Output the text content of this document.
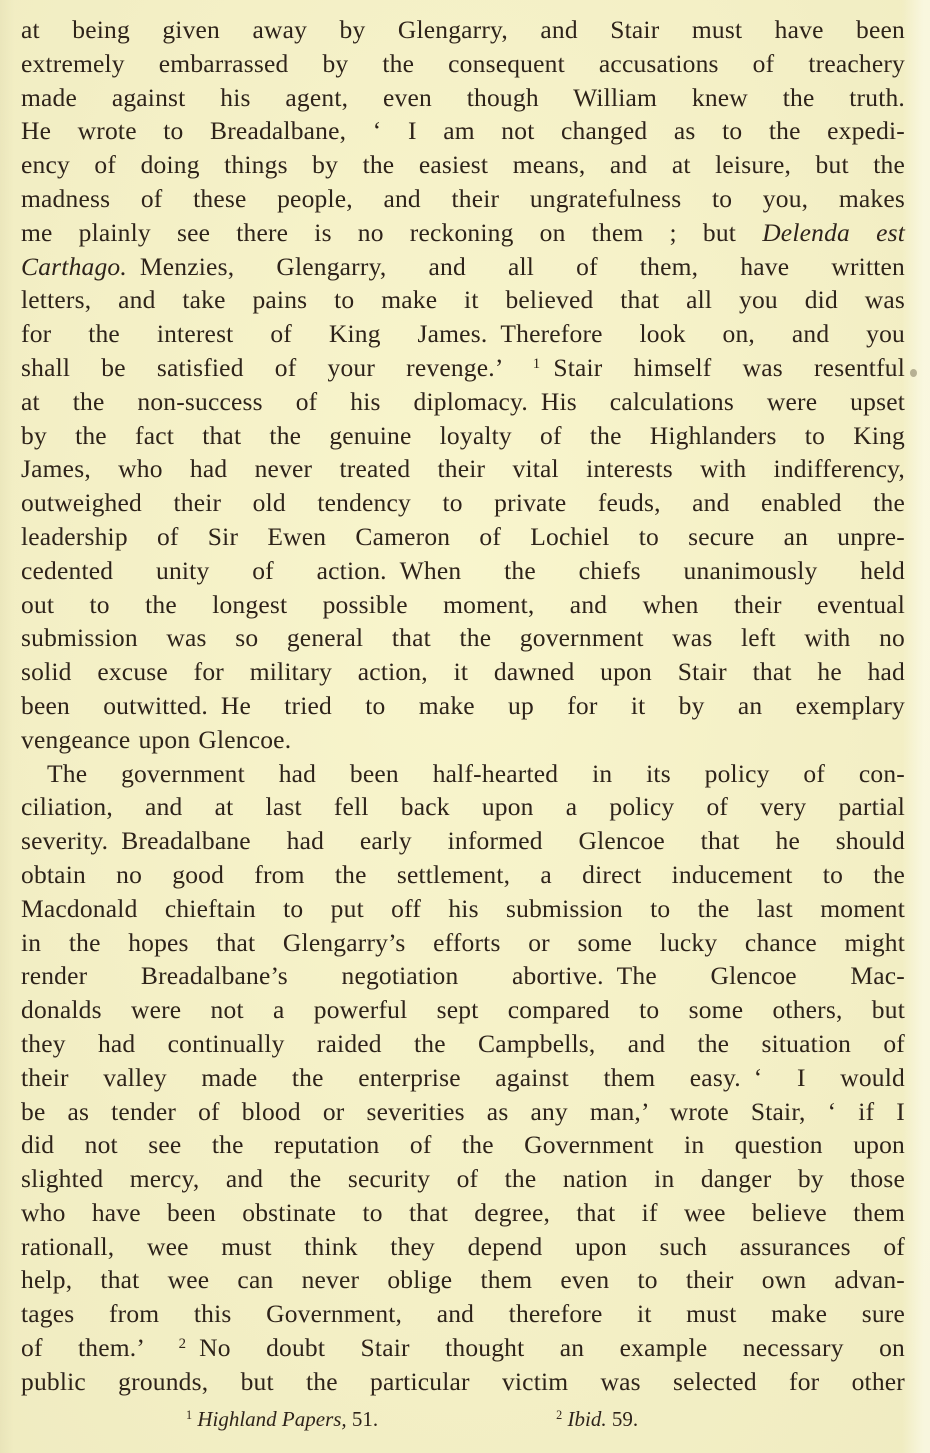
at being given away by Glengarry, and Stair must have been
extremely embarrassed by the consequent accusations of treachery
made against his agent, even though William knew the truth.
He wrote to Breadalbane, ‘ I am not changed as to the expedi-
ency of doing things by the easiest means, and at leisure, but the
madness of these people, and their ungratefulness to you, makes
me plainly see there is no reckoning on them ; but Delenda est
Carthago. Menzies, Glengarry, and all of them, have written
letters, and take pains to make it believed that all you did was
for the interest of King James. Therefore look on, and you
shall be satisfied of your revenge.’ $^1$ Stair himself was resentful
at the non-success of his diplomacy. His calculations were upset
by the fact that the genuine loyalty of the Highlanders to King
James, who had never treated their vital interests with indifferency,
outweighed their old tendency to private feuds, and enabled the
leadership of Sir Ewen Cameron of Lochiel to secure an unpre-
cedented unity of action. When the chiefs unanimously held
out to the longest possible moment, and when their eventual
submission was so general that the government was left with no
solid excuse for military action, it dawned upon Stair that he had
been outwitted. He tried to make up for it by an exemplary
vengeance upon Glencoe.
The government had been half-hearted in its policy of con-
ciliation, and at last fell back upon a policy of very partial
severity. Breadalbane had early informed Glencoe that he should
obtain no good from the settlement, a direct inducement to the
Macdonald chieftain to put off his submission to the last moment
in the hopes that Glengarry’s efforts or some lucky chance might
render Breadalbane’s negotiation abortive. The Glencoe Mac-
donalds were not a powerful sept compared to some others, but
they had continually raided the Campbells, and the situation of
their valley made the enterprise against them easy. ‘ I would
be as tender of blood or severities as any man,’ wrote Stair, ‘ if I
did not see the reputation of the Government in question upon
slighted mercy, and the security of the nation in danger by those
who have been obstinate to that degree, that if wee believe them
rationall, wee must think they depend upon such assurances of
help, that wee can never oblige them even to their own advan-
tages from this Government, and therefore it must make sure
of them.’ $^2$ No doubt Stair thought an example necessary on
public grounds, but the particular victim was selected for other
$^1$ Highland Papers, 51.	$^2$ Ibid. 59.
